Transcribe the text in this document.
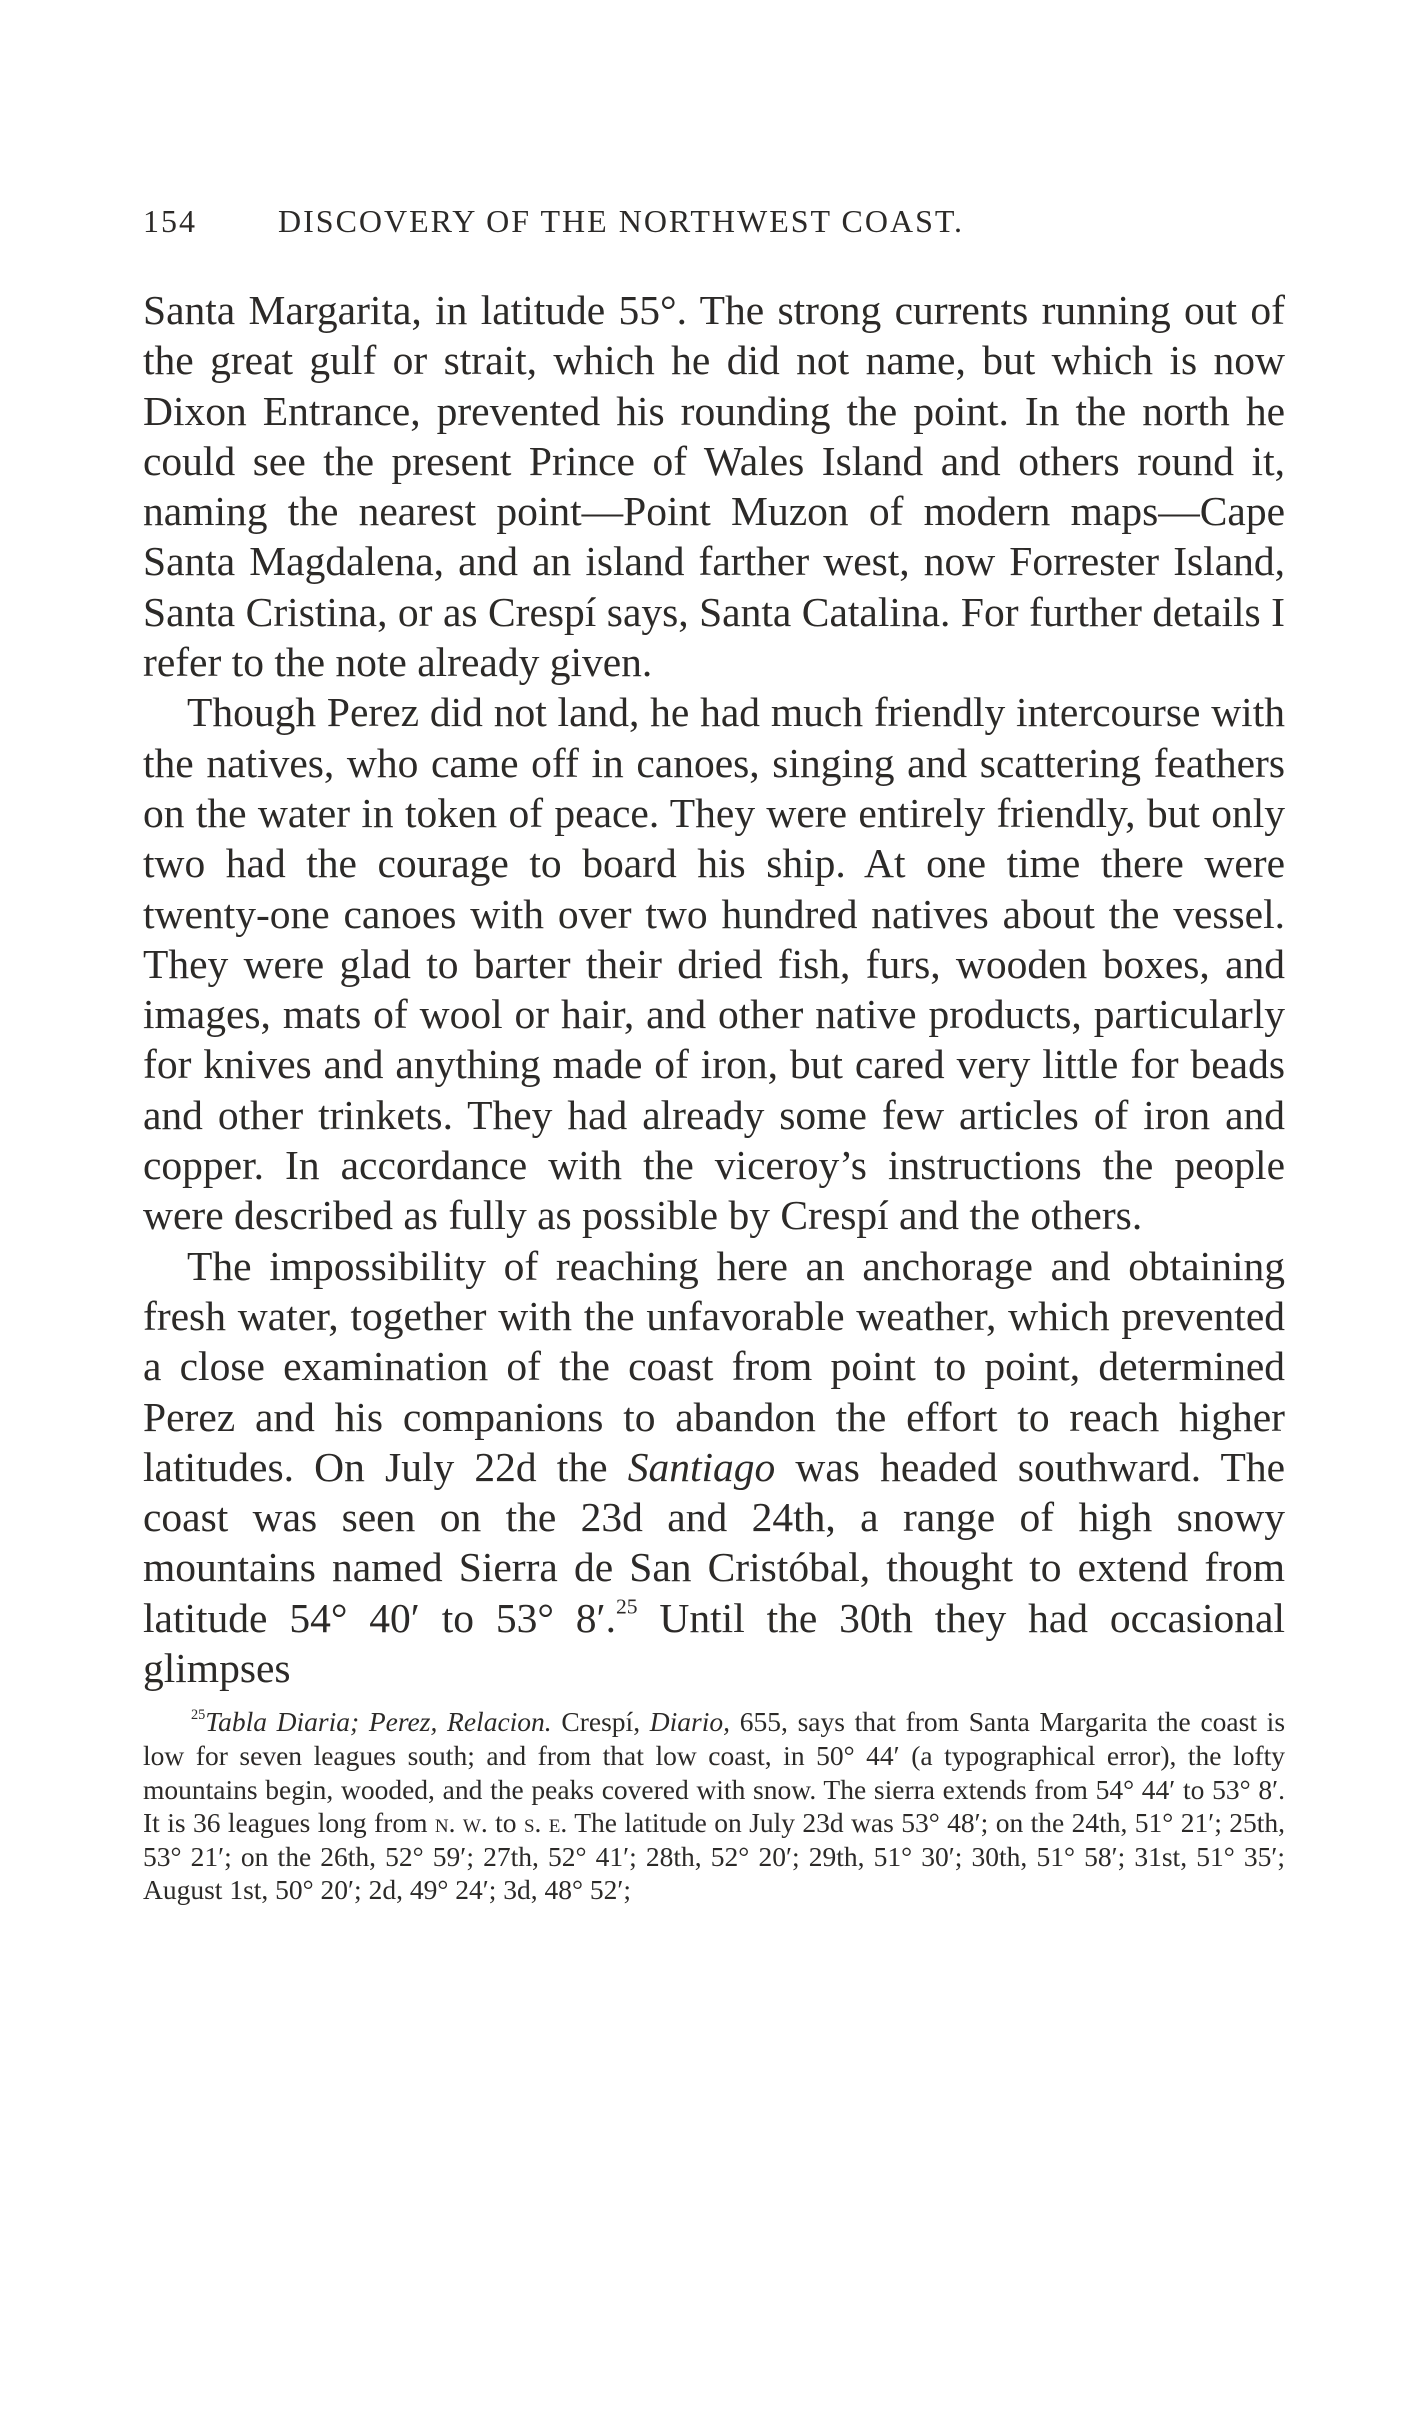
154	DISCOVERY OF THE NORTHWEST COAST.

Santa Margarita, in latitude 55°. The strong currents running out of the great gulf or strait, which he did not name, but which is now Dixon Entrance, prevented his rounding the point. In the north he could see the present Prince of Wales Island and others round it, naming the nearest point—Point Muzon of modern maps—Cape Santa Magdalena, and an island farther west, now Forrester Island, Santa Cristina, or as Crespí says, Santa Catalina. For further details I refer to the note already given.

Though Perez did not land, he had much friendly intercourse with the natives, who came off in canoes, singing and scattering feathers on the water in token of peace. They were entirely friendly, but only two had the courage to board his ship. At one time there were twenty-one canoes with over two hundred natives about the vessel. They were glad to barter their dried fish, furs, wooden boxes, and images, mats of wool or hair, and other native products, particularly for knives and anything made of iron, but cared very little for beads and other trinkets. They had already some few articles of iron and copper. In accordance with the viceroy’s instructions the people were described as fully as possible by Crespí and the others.

The impossibility of reaching here an anchorage and obtaining fresh water, together with the unfavorable weather, which prevented a close examination of the coast from point to point, determined Perez and his companions to abandon the effort to reach higher latitudes. On July 22d the Santiago was headed southward. The coast was seen on the 23d and 24th, a range of high snowy mountains named Sierra de San Cristóbal, thought to extend from latitude 54° 40′ to 53° 8′.$^{25}$ Until the 30th they had occasional glimpses

$^{25}$Tabla Diaria; Perez, Relacion. Crespí, Diario, 655, says that from Santa Margarita the coast is low for seven leagues south; and from that low coast, in 50° 44′ (a typographical error), the lofty mountains begin, wooded, and the peaks covered with snow. The sierra extends from 54° 44′ to 53° 8′. It is 36 leagues long from n. w. to s. e. The latitude on July 23d was 53° 48′; on the 24th, 51° 21′; 25th, 53° 21′; on the 26th, 52° 59′; 27th, 52° 41′; 28th, 52° 20′; 29th, 51° 30′; 30th, 51° 58′; 31st, 51° 35′; August 1st, 50° 20′; 2d, 49° 24′; 3d, 48° 52′;
